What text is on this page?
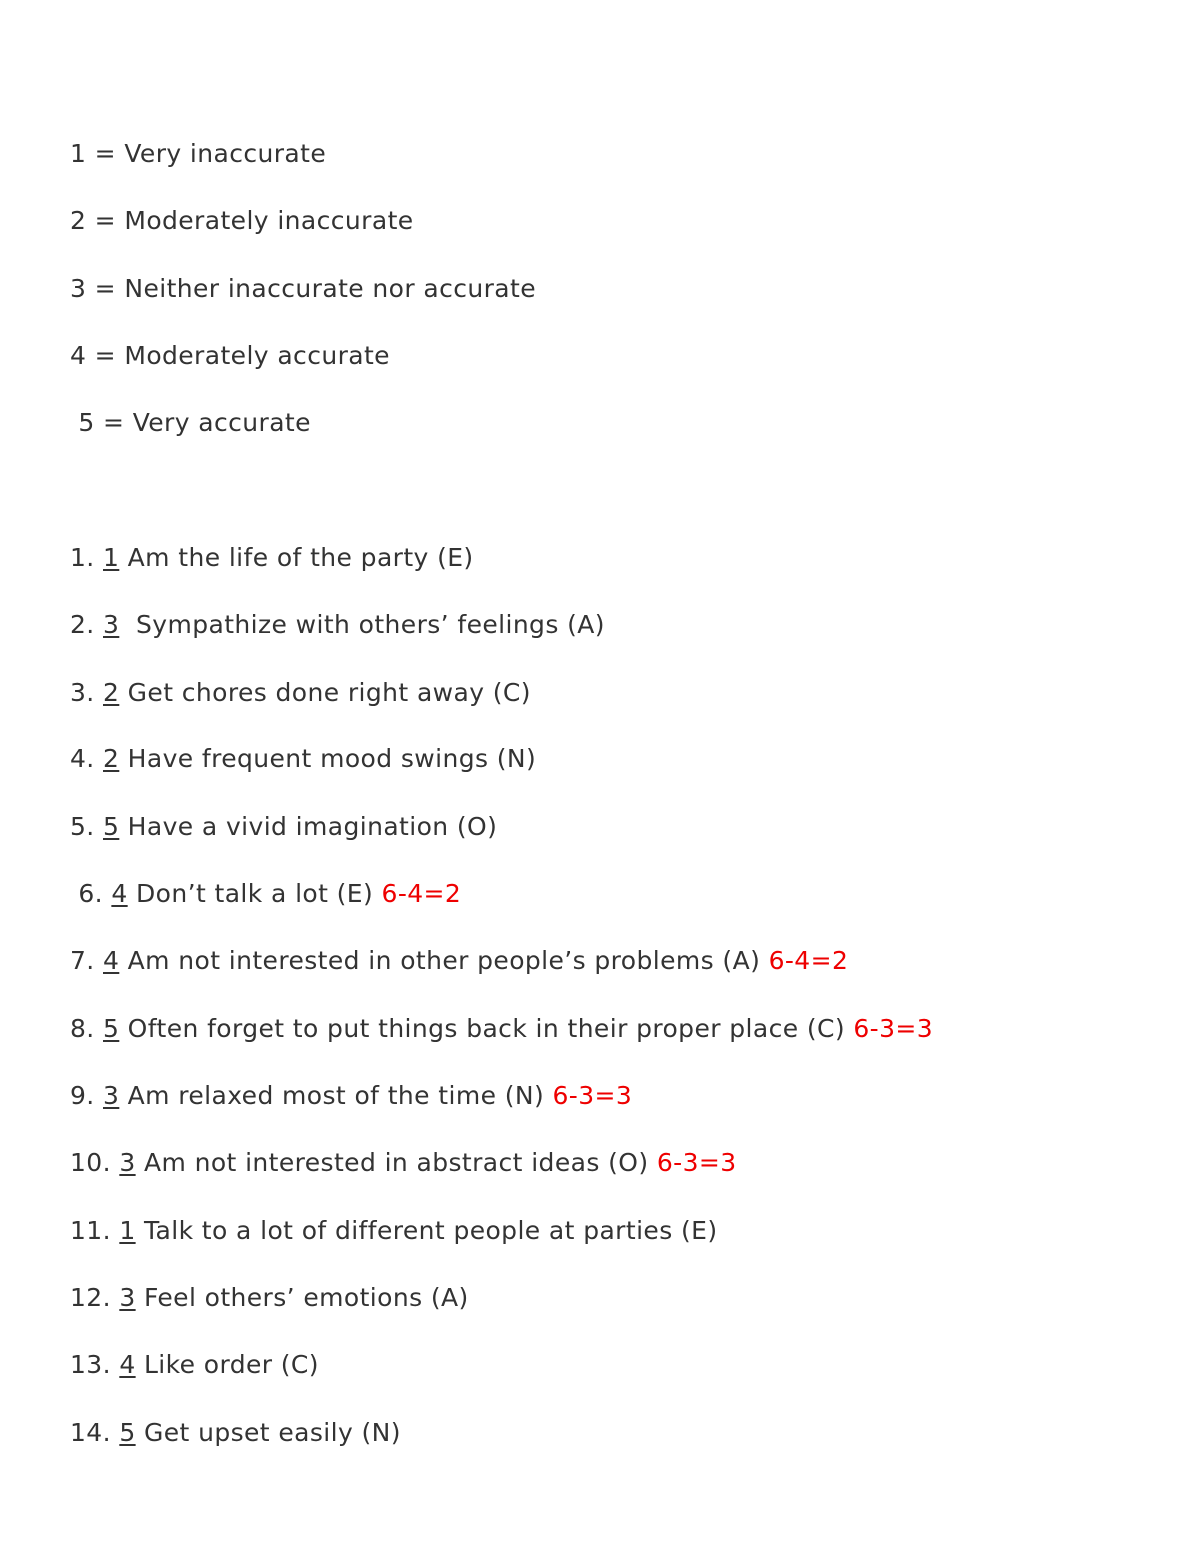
1 = Very inaccurate
2 = Moderately inaccurate
3 = Neither inaccurate nor accurate
4 = Moderately accurate
5 = Very accurate
1. 1 Am the life of the party (E)
2. 3  Sympathize with others’ feelings (A)
3. 2 Get chores done right away (C)
4. 2 Have frequent mood swings (N)
5. 5 Have a vivid imagination (O)
6. 4 Don’t talk a lot (E) 6-4=2
7. 4 Am not interested in other people’s problems (A) 6-4=2
8. 5 Often forget to put things back in their proper place (C) 6-3=3
9. 3 Am relaxed most of the time (N) 6-3=3
10. 3 Am not interested in abstract ideas (O) 6-3=3
11. 1 Talk to a lot of different people at parties (E)
12. 3 Feel others’ emotions (A)
13. 4 Like order (C)
14. 5 Get upset easily (N)
